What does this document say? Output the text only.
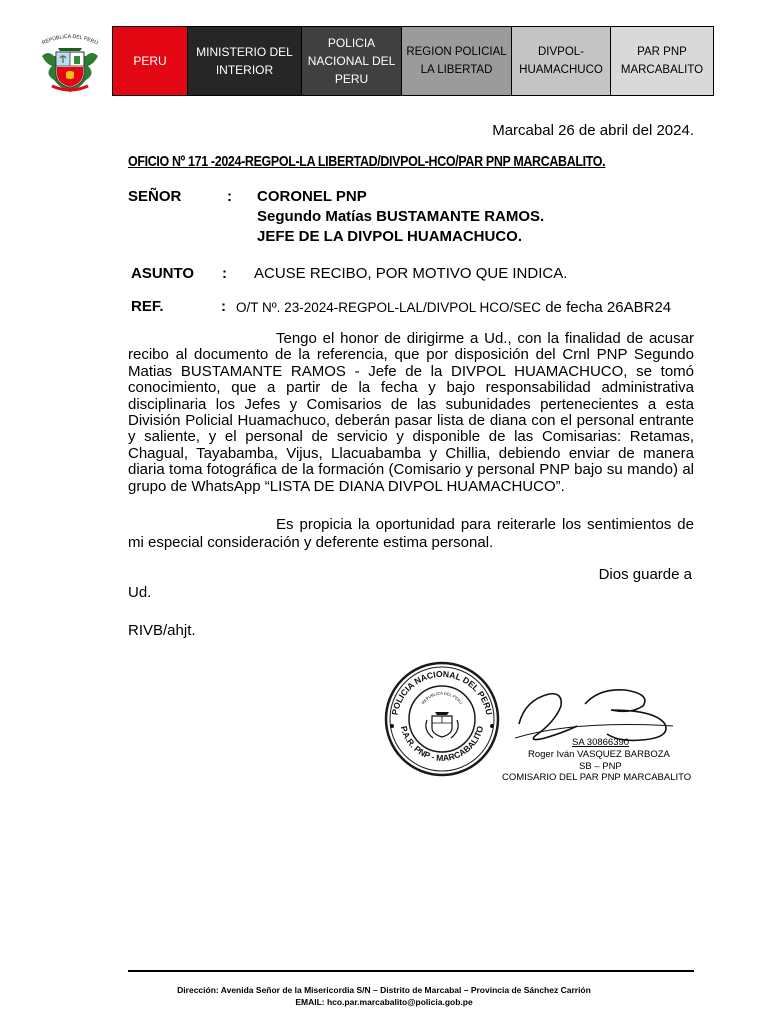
REPÚBLICA DEL PERÚ
PERU
MINISTERIO DEL INTERIOR
POLICIA NACIONAL DEL PERU
REGION POLICIAL LA LIBERTAD
DIVPOL-HUAMACHUCO
PAR PNP MARCABALITO
Marcabal 26 de abril del 2024.
OFICIO Nº 171 -2024-REGPOL-LA LIBERTAD/DIVPOL-HCO/PAR PNP MARCABALITO.
SEÑOR	: CORONEL PNP
Segundo Matías BUSTAMANTE RAMOS.
JEFE DE LA DIVPOL HUAMACHUCO.
ASUNTO : ACUSE RECIBO, POR MOTIVO QUE INDICA.
REF.	: O/T Nº. 23-2024-REGPOL-LAL/DIVPOL HCO/SEC de fecha 26ABR24
Tengo el honor de dirigirme a Ud., con la finalidad de acusar recibo al documento de la referencia, que por disposición del Crnl PNP Segundo Matias BUSTAMANTE RAMOS - Jefe de la DIVPOL HUAMACHUCO, se tomó conocimiento, que a partir de la fecha y bajo responsabilidad administrativa disciplinaria los Jefes y Comisarios de las subunidades pertenecientes a esta División Policial Huamachuco, deberán pasar lista de diana con el personal entrante y saliente, y el personal de servicio y disponible de las Comisarias: Retamas, Chagual, Tayabamba, Vijus, Llacuabamba y Chillia, debiendo enviar de manera diaria toma fotográfica de la formación (Comisario y personal PNP bajo su mando) al grupo de WhatsApp “LISTA DE DIANA DIVPOL HUAMACHUCO”.
Es propicia la oportunidad para reiterarle los sentimientos de mi especial consideración y deferente estima personal.
Dios guarde a
Ud.
RIVB/ahjt.
POLICIA NACIONAL DEL PERU
P.A.R. PNP - MARCABALITO
REPUBLICA DEL PERU
SA 30866390
Roger Iván VASQUEZ BARBOZA
SB – PNP
COMISARIO DEL PAR PNP MARCABALITO
Dirección: Avenida Señor de la Misericordia S/N – Distrito de Marcabal – Provincia de Sánchez Carrión
EMAIL: hco.par.marcabalito@policia.gob.pe
